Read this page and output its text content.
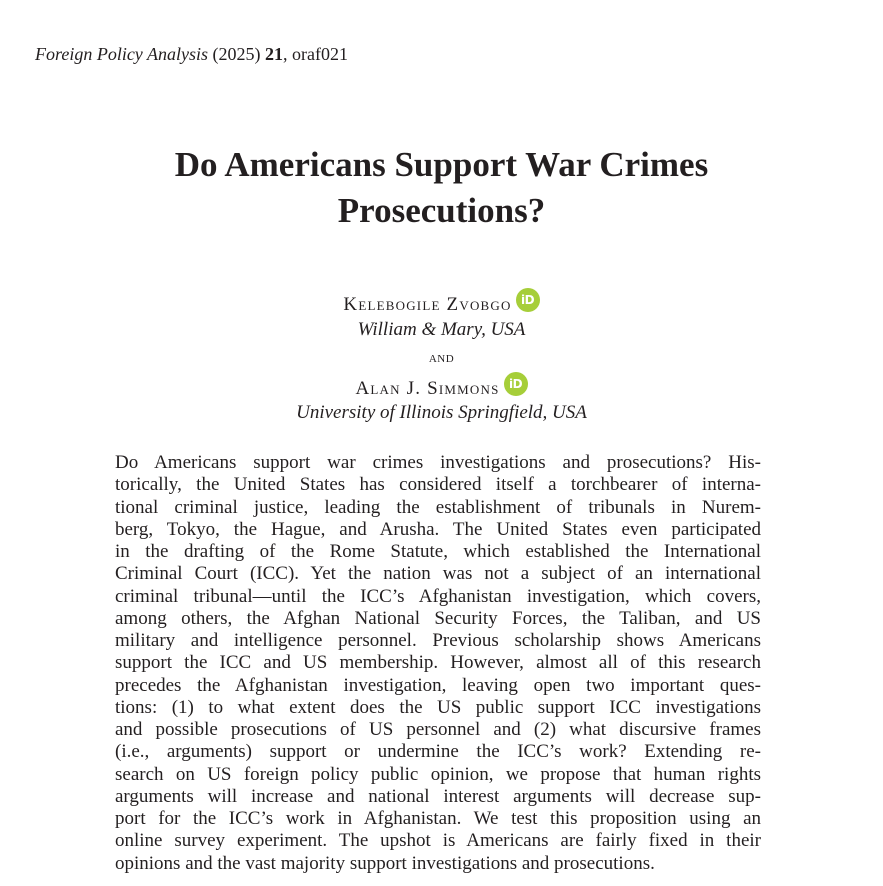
Foreign Policy Analysis (2025) 21, oraf021
Do Americans Support War Crimes
Prosecutions?
Kelebogile Zvobgo iD
William & Mary, USA
and
Alan J. Simmons iD
University of Illinois Springfield, USA
Do Americans support war crimes investigations and prosecutions? His-
torically, the United States has considered itself a torchbearer of interna-
tional criminal justice, leading the establishment of tribunals in Nurem-
berg, Tokyo, the Hague, and Arusha. The United States even participated
in the drafting of the Rome Statute, which established the International
Criminal Court (ICC). Yet the nation was not a subject of an international
criminal tribunal—until the ICC’s Afghanistan investigation, which covers,
among others, the Afghan National Security Forces, the Taliban, and US
military and intelligence personnel. Previous scholarship shows Americans
support the ICC and US membership. However, almost all of this research
precedes the Afghanistan investigation, leaving open two important ques-
tions: (1) to what extent does the US public support ICC investigations
and possible prosecutions of US personnel and (2) what discursive frames
(i.e., arguments) support or undermine the ICC’s work? Extending re-
search on US foreign policy public opinion, we propose that human rights
arguments will increase and national interest arguments will decrease sup-
port for the ICC’s work in Afghanistan. We test this proposition using an
online survey experiment. The upshot is Americans are fairly fixed in their
opinions and the vast majority support investigations and prosecutions.
